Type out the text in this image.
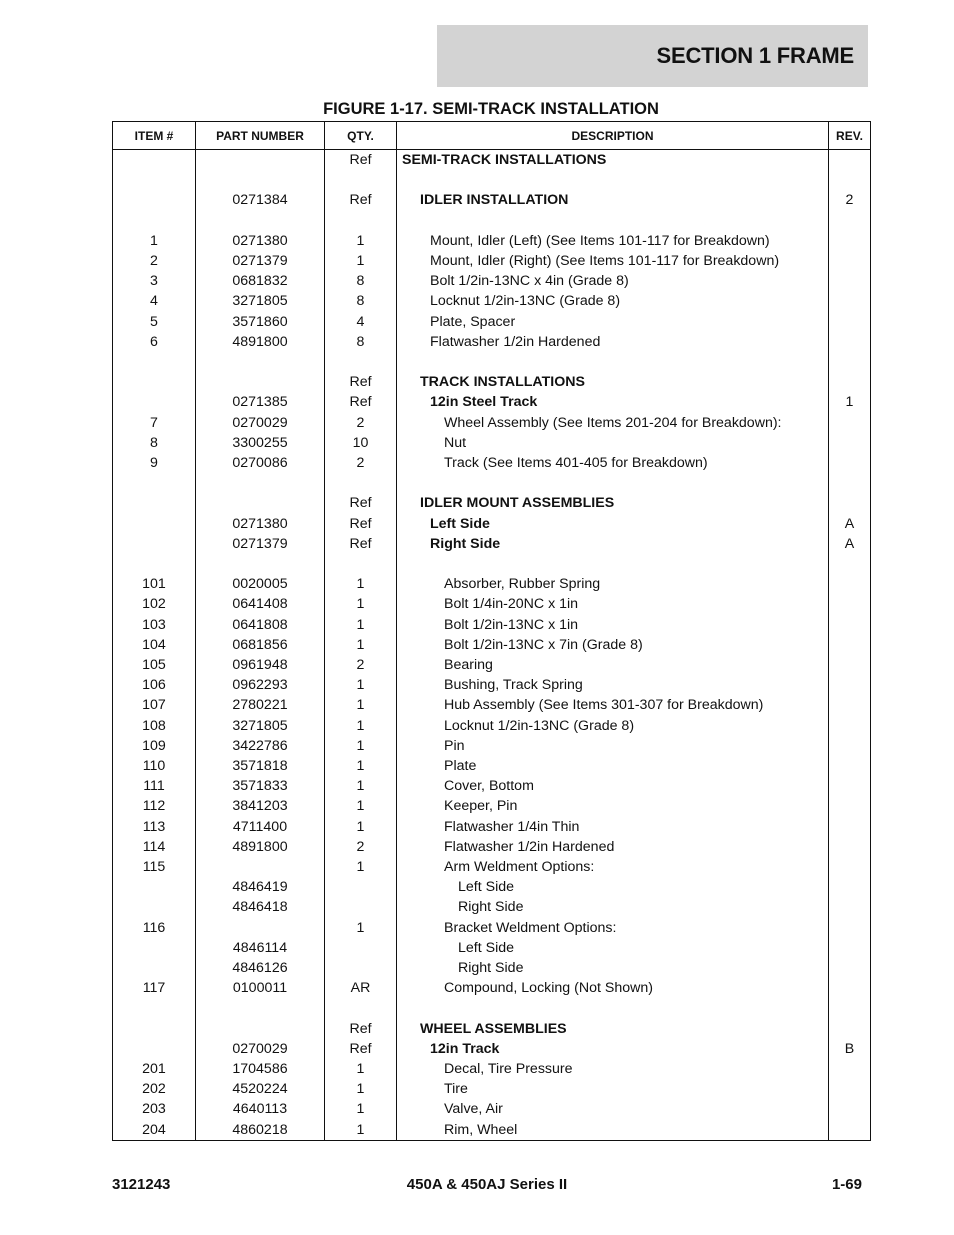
SECTION 1 FRAME
FIGURE 1-17. SEMI-TRACK INSTALLATION
ITEM #	PART NUMBER	QTY.	DESCRIPTION	REV.
		Ref	SEMI-TRACK INSTALLATIONS	

	0271384	Ref	IDLER INSTALLATION	2

1	0271380	1	Mount, Idler (Left) (See Items 101-117 for Breakdown)	
2	0271379	1	Mount, Idler (Right) (See Items 101-117 for Breakdown)	
3	0681832	8	Bolt 1/2in-13NC x 4in (Grade 8)	
4	3271805	8	Locknut 1/2in-13NC (Grade 8)	
5	3571860	4	Plate, Spacer	
6	4891800	8	Flatwasher 1/2in Hardened	

		Ref	TRACK INSTALLATIONS	
	0271385	Ref	12in Steel Track	1
7	0270029	2	Wheel Assembly (See Items 201-204 for Breakdown):	
8	3300255	10	Nut	
9	0270086	2	Track (See Items 401-405 for Breakdown)	

		Ref	IDLER MOUNT ASSEMBLIES	
	0271380	Ref	Left Side	A
	0271379	Ref	Right Side	A

101	0020005	1	Absorber, Rubber Spring	
102	0641408	1	Bolt 1/4in-20NC x 1in	
103	0641808	1	Bolt 1/2in-13NC x 1in	
104	0681856	1	Bolt 1/2in-13NC x 7in (Grade 8)	
105	0961948	2	Bearing	
106	0962293	1	Bushing, Track Spring	
107	2780221	1	Hub Assembly (See Items 301-307 for Breakdown)	
108	3271805	1	Locknut 1/2in-13NC (Grade 8)	
109	3422786	1	Pin	
110	3571818	1	Plate	
111	3571833	1	Cover, Bottom	
112	3841203	1	Keeper, Pin	
113	4711400	1	Flatwasher 1/4in Thin	
114	4891800	2	Flatwasher 1/2in Hardened	
115		1	Arm Weldment Options:	
	4846419		Left Side	
	4846418		Right Side	
116		1	Bracket Weldment Options:	
	4846114		Left Side	
	4846126		Right Side	
117	0100011	AR	Compound, Locking (Not Shown)	

		Ref	WHEEL ASSEMBLIES	
	0270029	Ref	12in Track	B
201	1704586	1	Decal, Tire Pressure	
202	4520224	1	Tire	
203	4640113	1	Valve, Air	
204	4860218	1	Rim, Wheel	
3121243	450A & 450AJ Series II	1-69
